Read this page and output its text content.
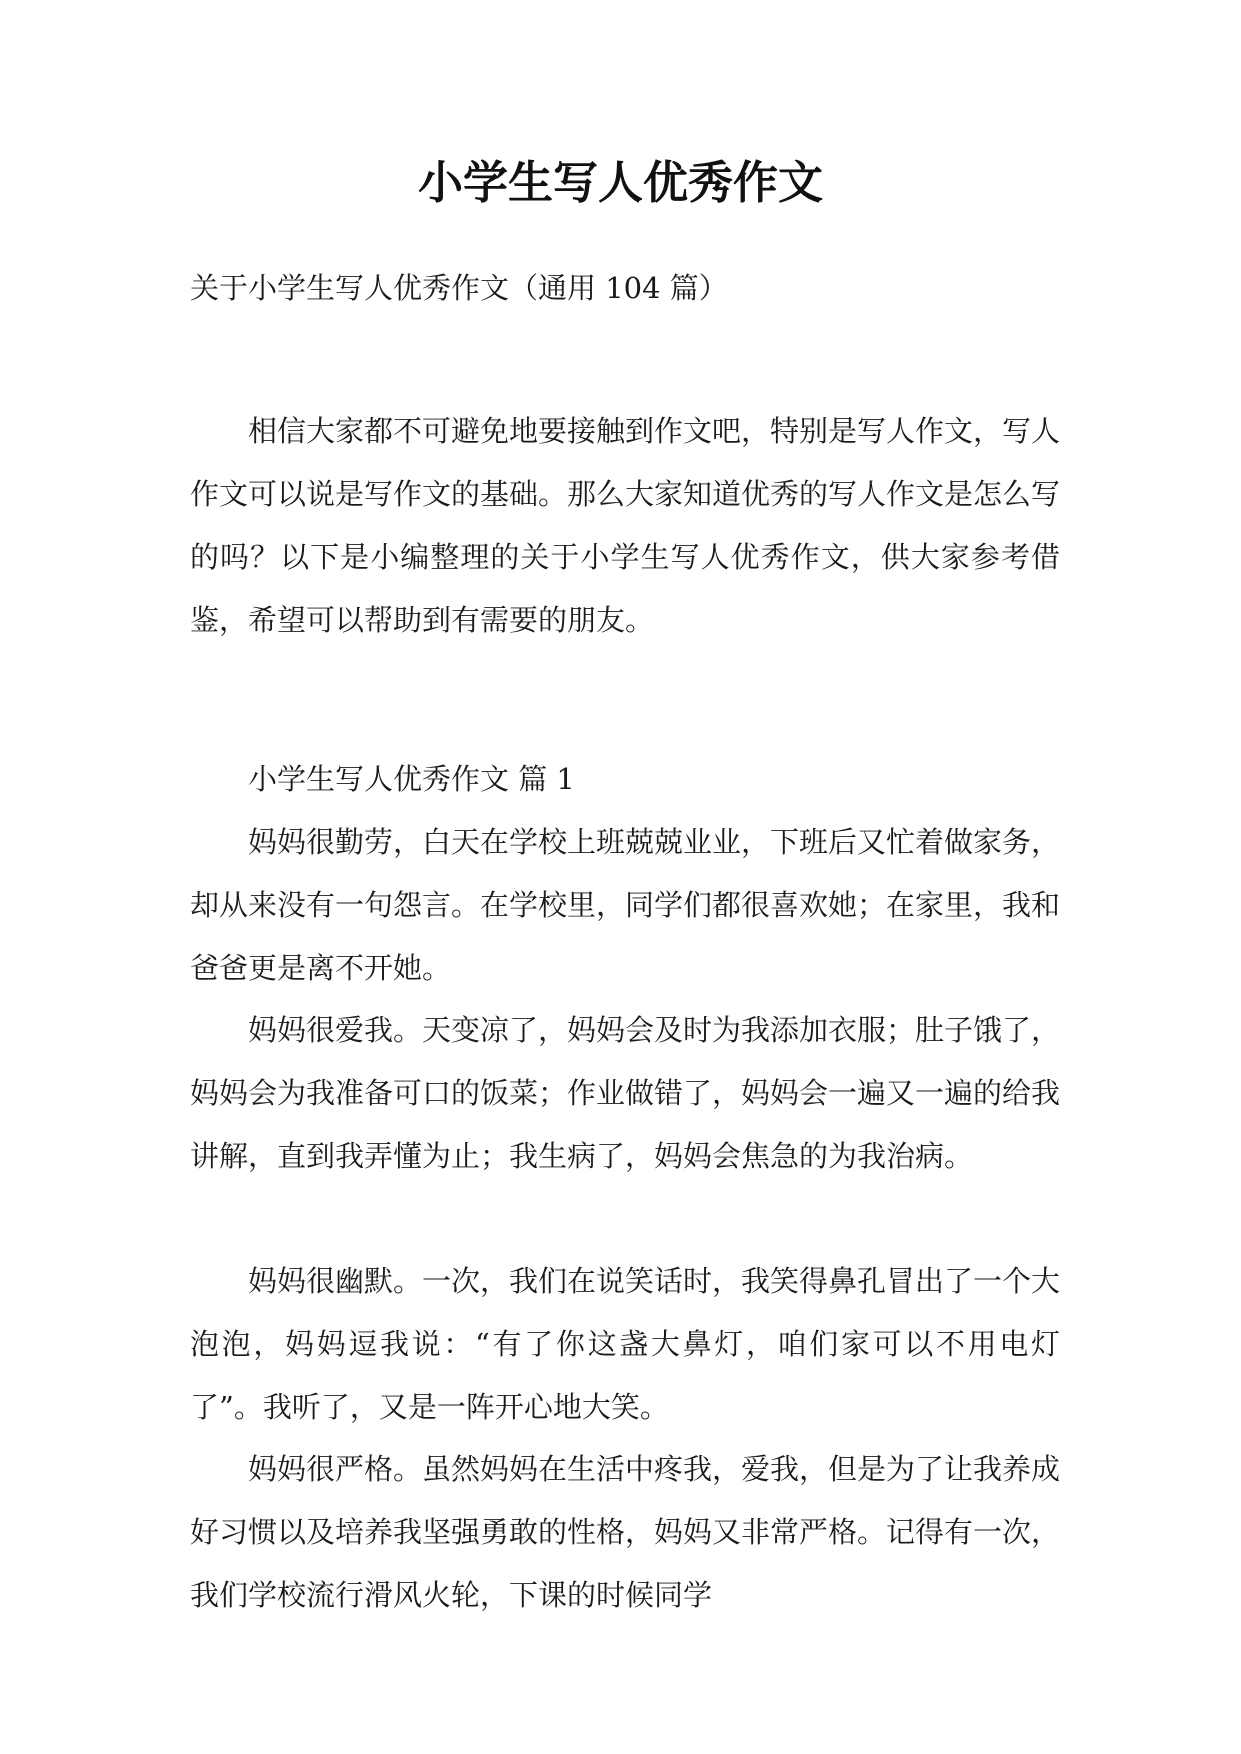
小学生写人优秀作文

关于小学生写人优秀作文（通用 104 篇）

相信大家都不可避免地要接触到作文吧，特别是写人作文，写人作文可以说是写作文的基础。那么大家知道优秀的写人作文是怎么写的吗？以下是小编整理的关于小学生写人优秀作文，供大家参考借鉴，希望可以帮助到有需要的朋友。

小学生写人优秀作文 篇 1

妈妈很勤劳，白天在学校上班兢兢业业，下班后又忙着做家务，却从来没有一句怨言。在学校里，同学们都很喜欢她；在家里，我和爸爸更是离不开她。

妈妈很爱我。天变凉了，妈妈会及时为我添加衣服；肚子饿了，妈妈会为我准备可口的饭菜；作业做错了，妈妈会一遍又一遍的给我讲解，直到我弄懂为止；我生病了，妈妈会焦急的为我治病。

妈妈很幽默。一次，我们在说笑话时，我笑得鼻孔冒出了一个大泡泡，妈妈逗我说：“有了你这盏大鼻灯，咱们家可以不用电灯了”。我听了，又是一阵开心地大笑。

妈妈很严格。虽然妈妈在生活中疼我，爱我，但是为了让我养成好习惯以及培养我坚强勇敢的性格，妈妈又非常严格。记得有一次，我们学校流行滑风火轮，下课的时候同学
